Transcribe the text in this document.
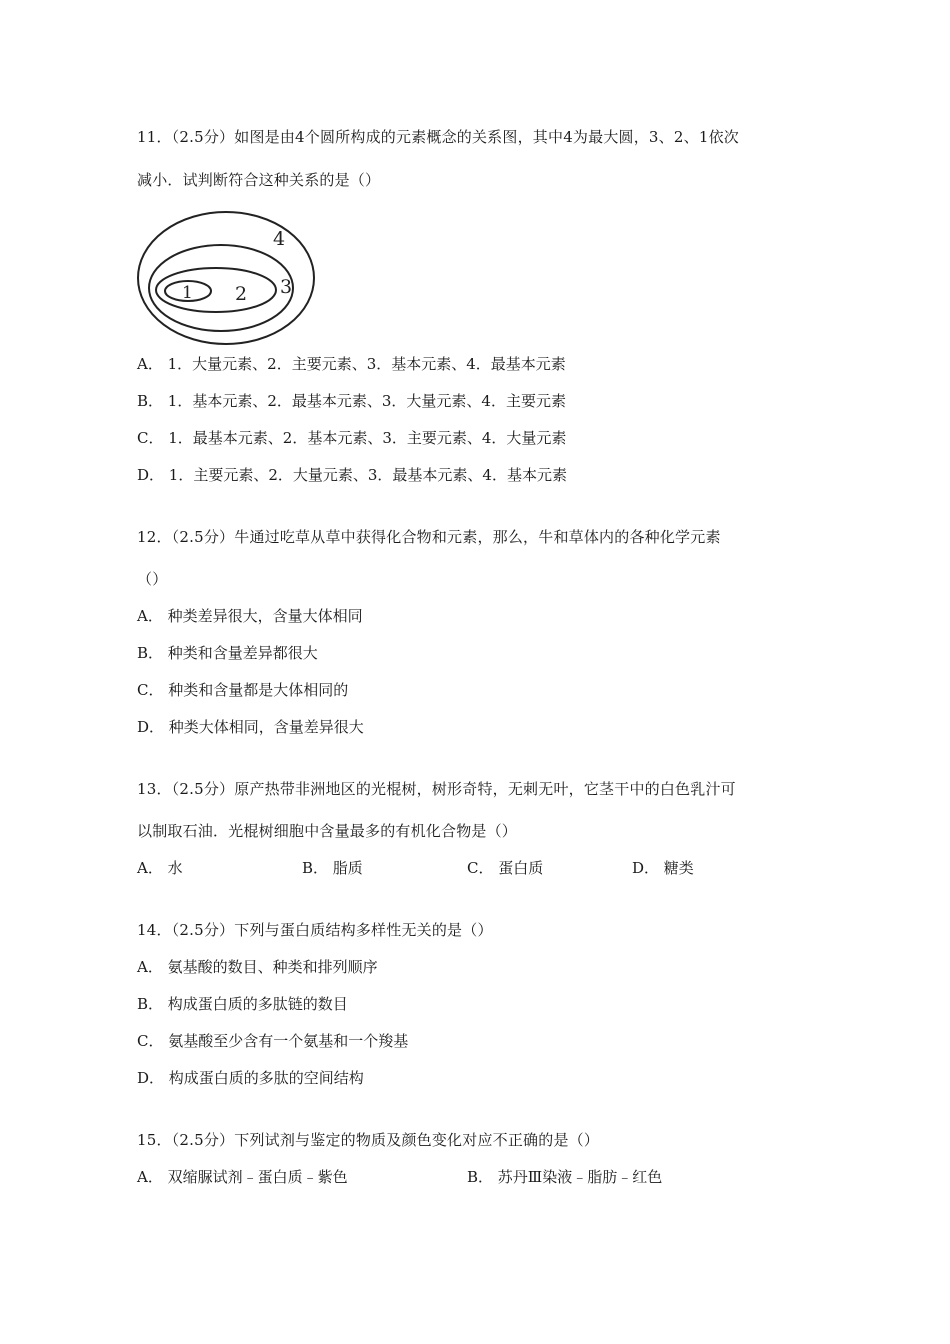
11．（2.5分）如图是由4个圆所构成的元素概念的关系图，其中4为最大圆，3、2、1依次
减小．试判断符合这种关系的是（）
1 2 3
4
A． 1．大量元素、2．主要元素、3．基本元素、4．最基本元素
B． 1．基本元素、2．最基本元素、3．大量元素、4．主要元素
C． 1．最基本元素、2．基本元素、3．主要元素、4．大量元素
D． 1．主要元素、2．大量元素、3．最基本元素、4．基本元素
12．（2.5分）牛通过吃草从草中获得化合物和元素，那么，牛和草体内的各种化学元素
（）
A． 种类差异很大，含量大体相同
B． 种类和含量差异都很大
C． 种类和含量都是大体相同的
D． 种类大体相同，含量差异很大
13．（2.5分）原产热带非洲地区的光棍树，树形奇特，无刺无叶，它茎干中的白色乳汁可
以制取石油．光棍树细胞中含量最多的有机化合物是（）
A． 水	B． 脂质	C． 蛋白质	D． 糖类
14．（2.5分）下列与蛋白质结构多样性无关的是（）
A． 氨基酸的数目、种类和排列顺序
B． 构成蛋白质的多肽链的数目
C． 氨基酸至少含有一个氨基和一个羧基
D． 构成蛋白质的多肽的空间结构
15．（2.5分）下列试剂与鉴定的物质及颜色变化对应不正确的是（）
A． 双缩脲试剂﹣蛋白质﹣紫色	B． 苏丹Ⅲ染液﹣脂肪﹣红色
